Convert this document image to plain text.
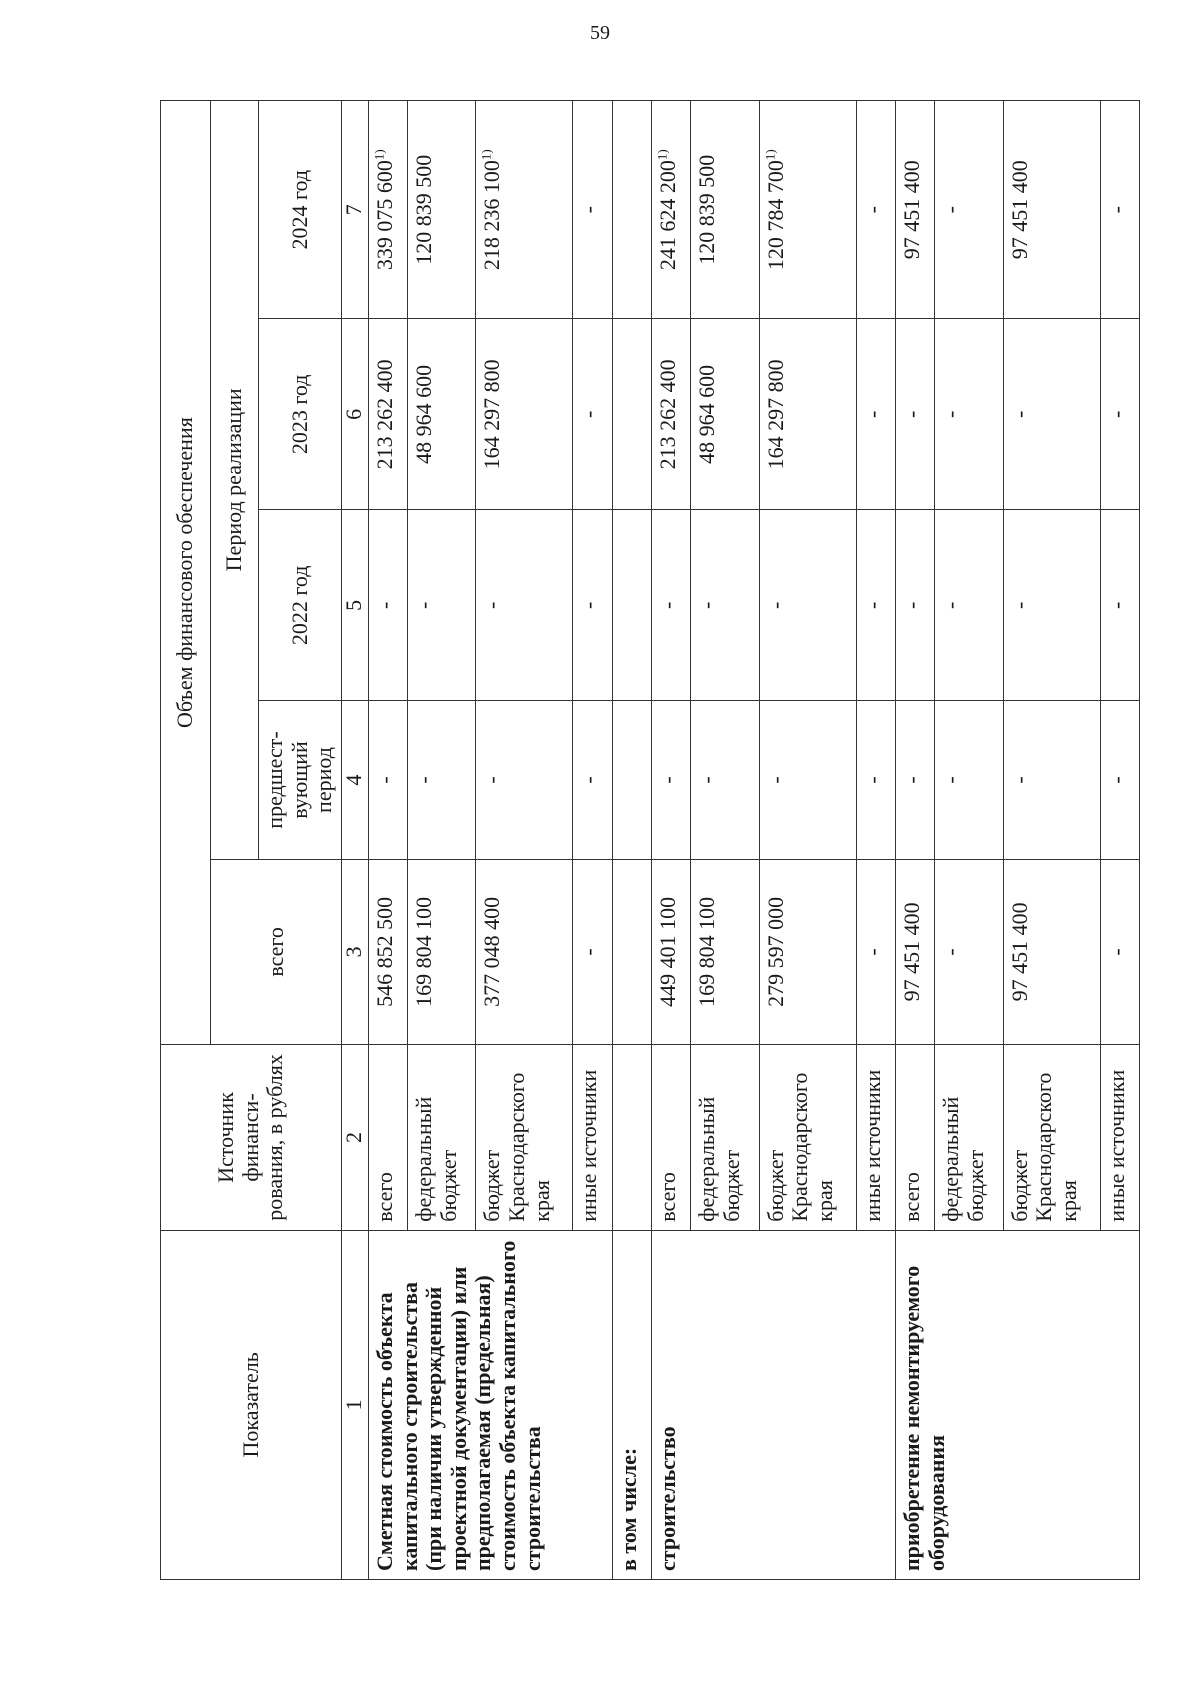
59
Показатель	Источник финанси-рования, в рублях	Объем финансового обеспечения				
		всего	Период реализации			
			предшест-вующий период	2022 год	2023 год	2024 год
1	2	3	4	5	6	7
Сметная стоимость объекта капитального строительства (при наличии утвержденной проектной документации) или предполагаемая (предельная) стоимость объекта капитального строительства	всего	546 852 500	-	-	213 262 400	339 075 600$^{1)}$
	федеральный бюджет	169 804 100	-	-	48 964 600	120 839 500
	бюджет Краснодарского края	377 048 400	-	-	164 297 800	218 236 100$^{1)}$
	иные источники	-	-	-	-	-
в том числе:						
строительство	всего	449 401 100	-	-	213 262 400	241 624 200$^{1)}$
	федеральный бюджет	169 804 100	-	-	48 964 600	120 839 500
	бюджет Краснодарского края	279 597 000	-	-	164 297 800	120 784 700$^{1)}$
	иные источники	-	-	-	-	-
приобретение немонтируемого оборудования	всего	97 451 400	-	-	-	97 451 400
	федеральный бюджет	-	-	-	-	-
	бюджет Краснодарского края	97 451 400	-	-	-	97 451 400
	иные источники	-	-	-	-	-
